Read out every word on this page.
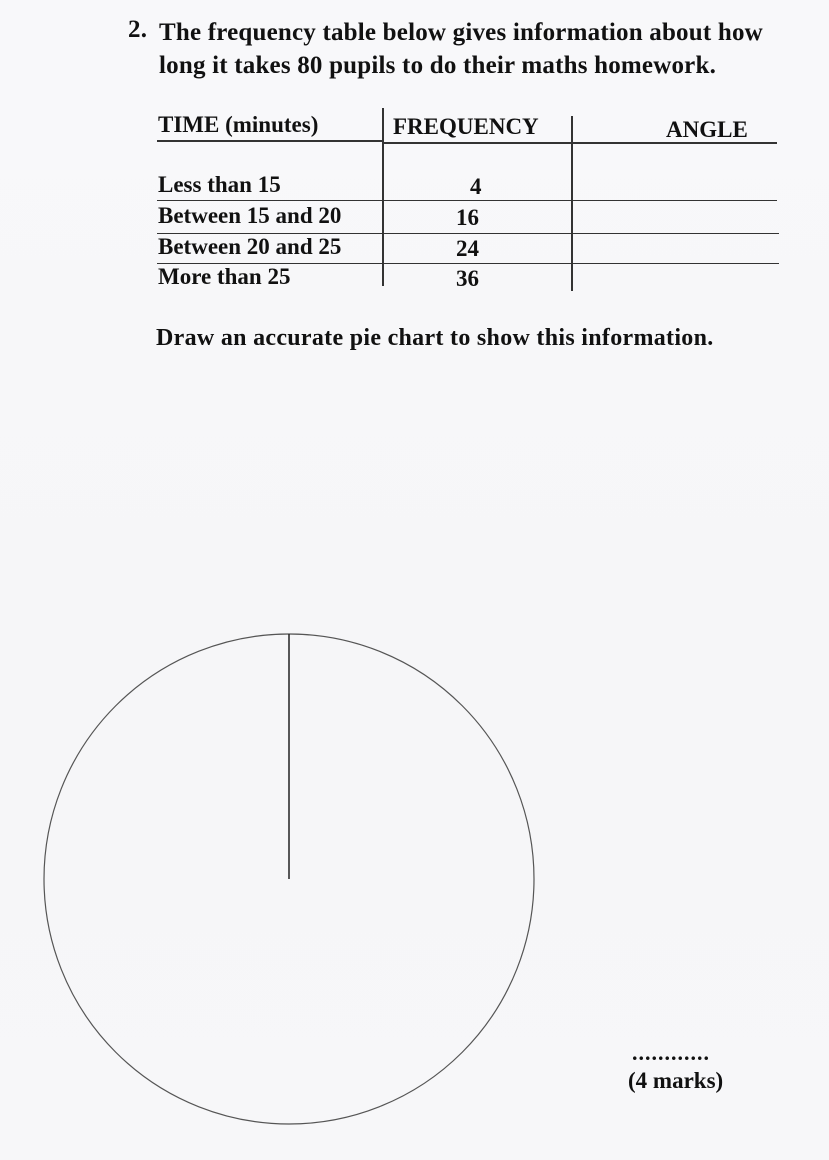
2. The frequency table below gives information about how
long it takes 80 pupils to do their maths homework.
TIME (minutes)	FREQUENCY	ANGLE
Less than 15	4
Between 15 and 20	16
Between 20 and 25	24
More than 25	36
Draw an accurate pie chart to show this information.
............
(4 marks)
